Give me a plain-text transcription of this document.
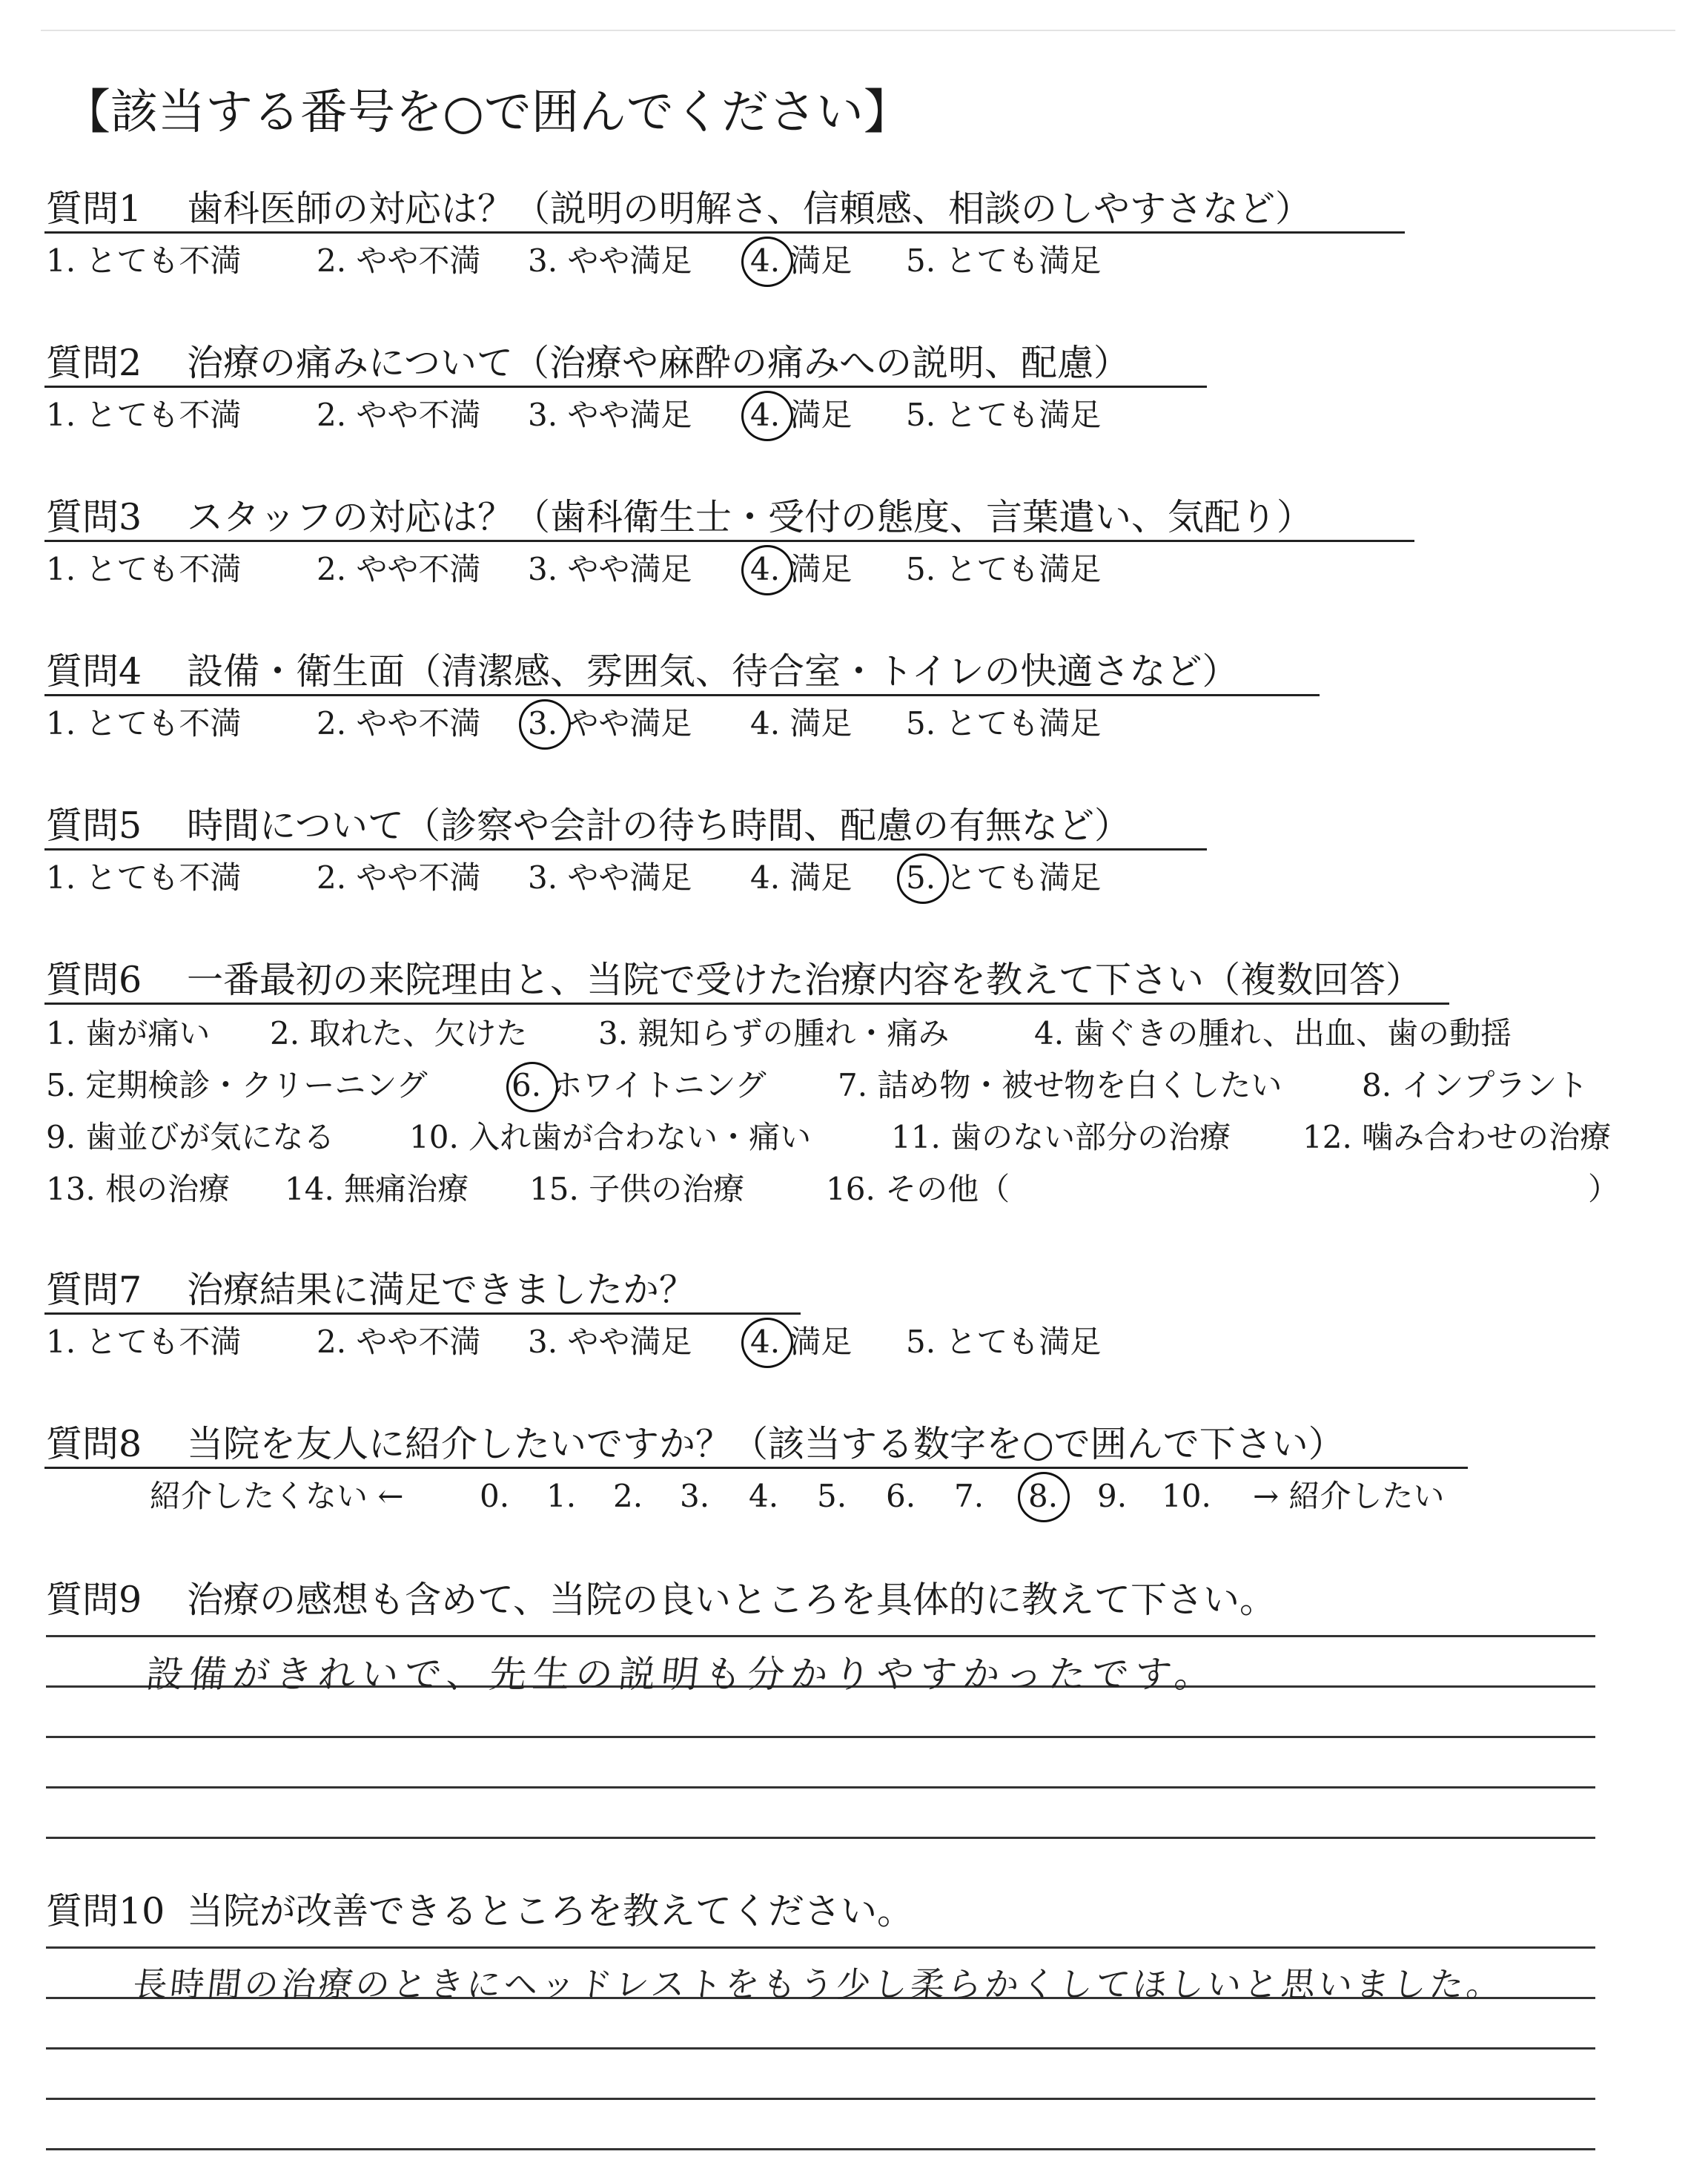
【該当する番号を○で囲んでください】
質問1 歯科医師の対応は？（説明の明解さ、信頼感、相談のしやすさなど）
1. とても不満 2. やや不満 3. やや満足 4. 満足 5. とても満足
質問2 治療の痛みについて（治療や麻酔の痛みへの説明、配慮）
1. とても不満 2. やや不満 3. やや満足 4. 満足 5. とても満足
質問3 スタッフの対応は？（歯科衛生士・受付の態度、言葉遣い、気配り）
1. とても不満 2. やや不満 3. やや満足 4. 満足 5. とても満足
質問4 設備・衛生面（清潔感、雰囲気、待合室・トイレの快適さなど）
1. とても不満 2. やや不満 3. やや満足 4. 満足 5. とても満足
質問5 時間について（診察や会計の待ち時間、配慮の有無など）
1. とても不満 2. やや不満 3. やや満足 4. 満足 5. とても満足
質問6 一番最初の来院理由と、当院で受けた治療内容を教えて下さい（複数回答）
1. 歯が痛い 2. 取れた、欠けた 3. 親知らずの腫れ・痛み	4. 歯ぐきの腫れ、出血、歯の動揺
5. 定期検診・クリーニング	6. ホワイトニング 7. 詰め物・被せ物を白くしたい	8. インプラント
9. 歯並びが気になる 10. 入れ歯が合わない・痛い	11. 歯のない部分の治療 12. 噛み合わせの治療
13. 根の治療 14. 無痛治療 15. 子供の治療	16. その他（	）
質問7 治療結果に満足できましたか？
1. とても不満 2. やや不満 3. やや満足 4. 満足 5. とても満足
質問8 当院を友人に紹介したいですか？（該当する数字を○で囲んで下さい）
紹介したくない ←	→ 紹介したい
0. 1. 2. 3. 4. 5. 6. 7. 8. 9. 10.
質問9 治療の感想も含めて、当院の良いところを具体的に教えて下さい。
設備がきれいで、先生の説明も分かりやすかったです。
質問10 当院が改善できるところを教えてください。
長時間の治療のときにヘッドレストをもう少し柔らかくしてほしいと思いました。
